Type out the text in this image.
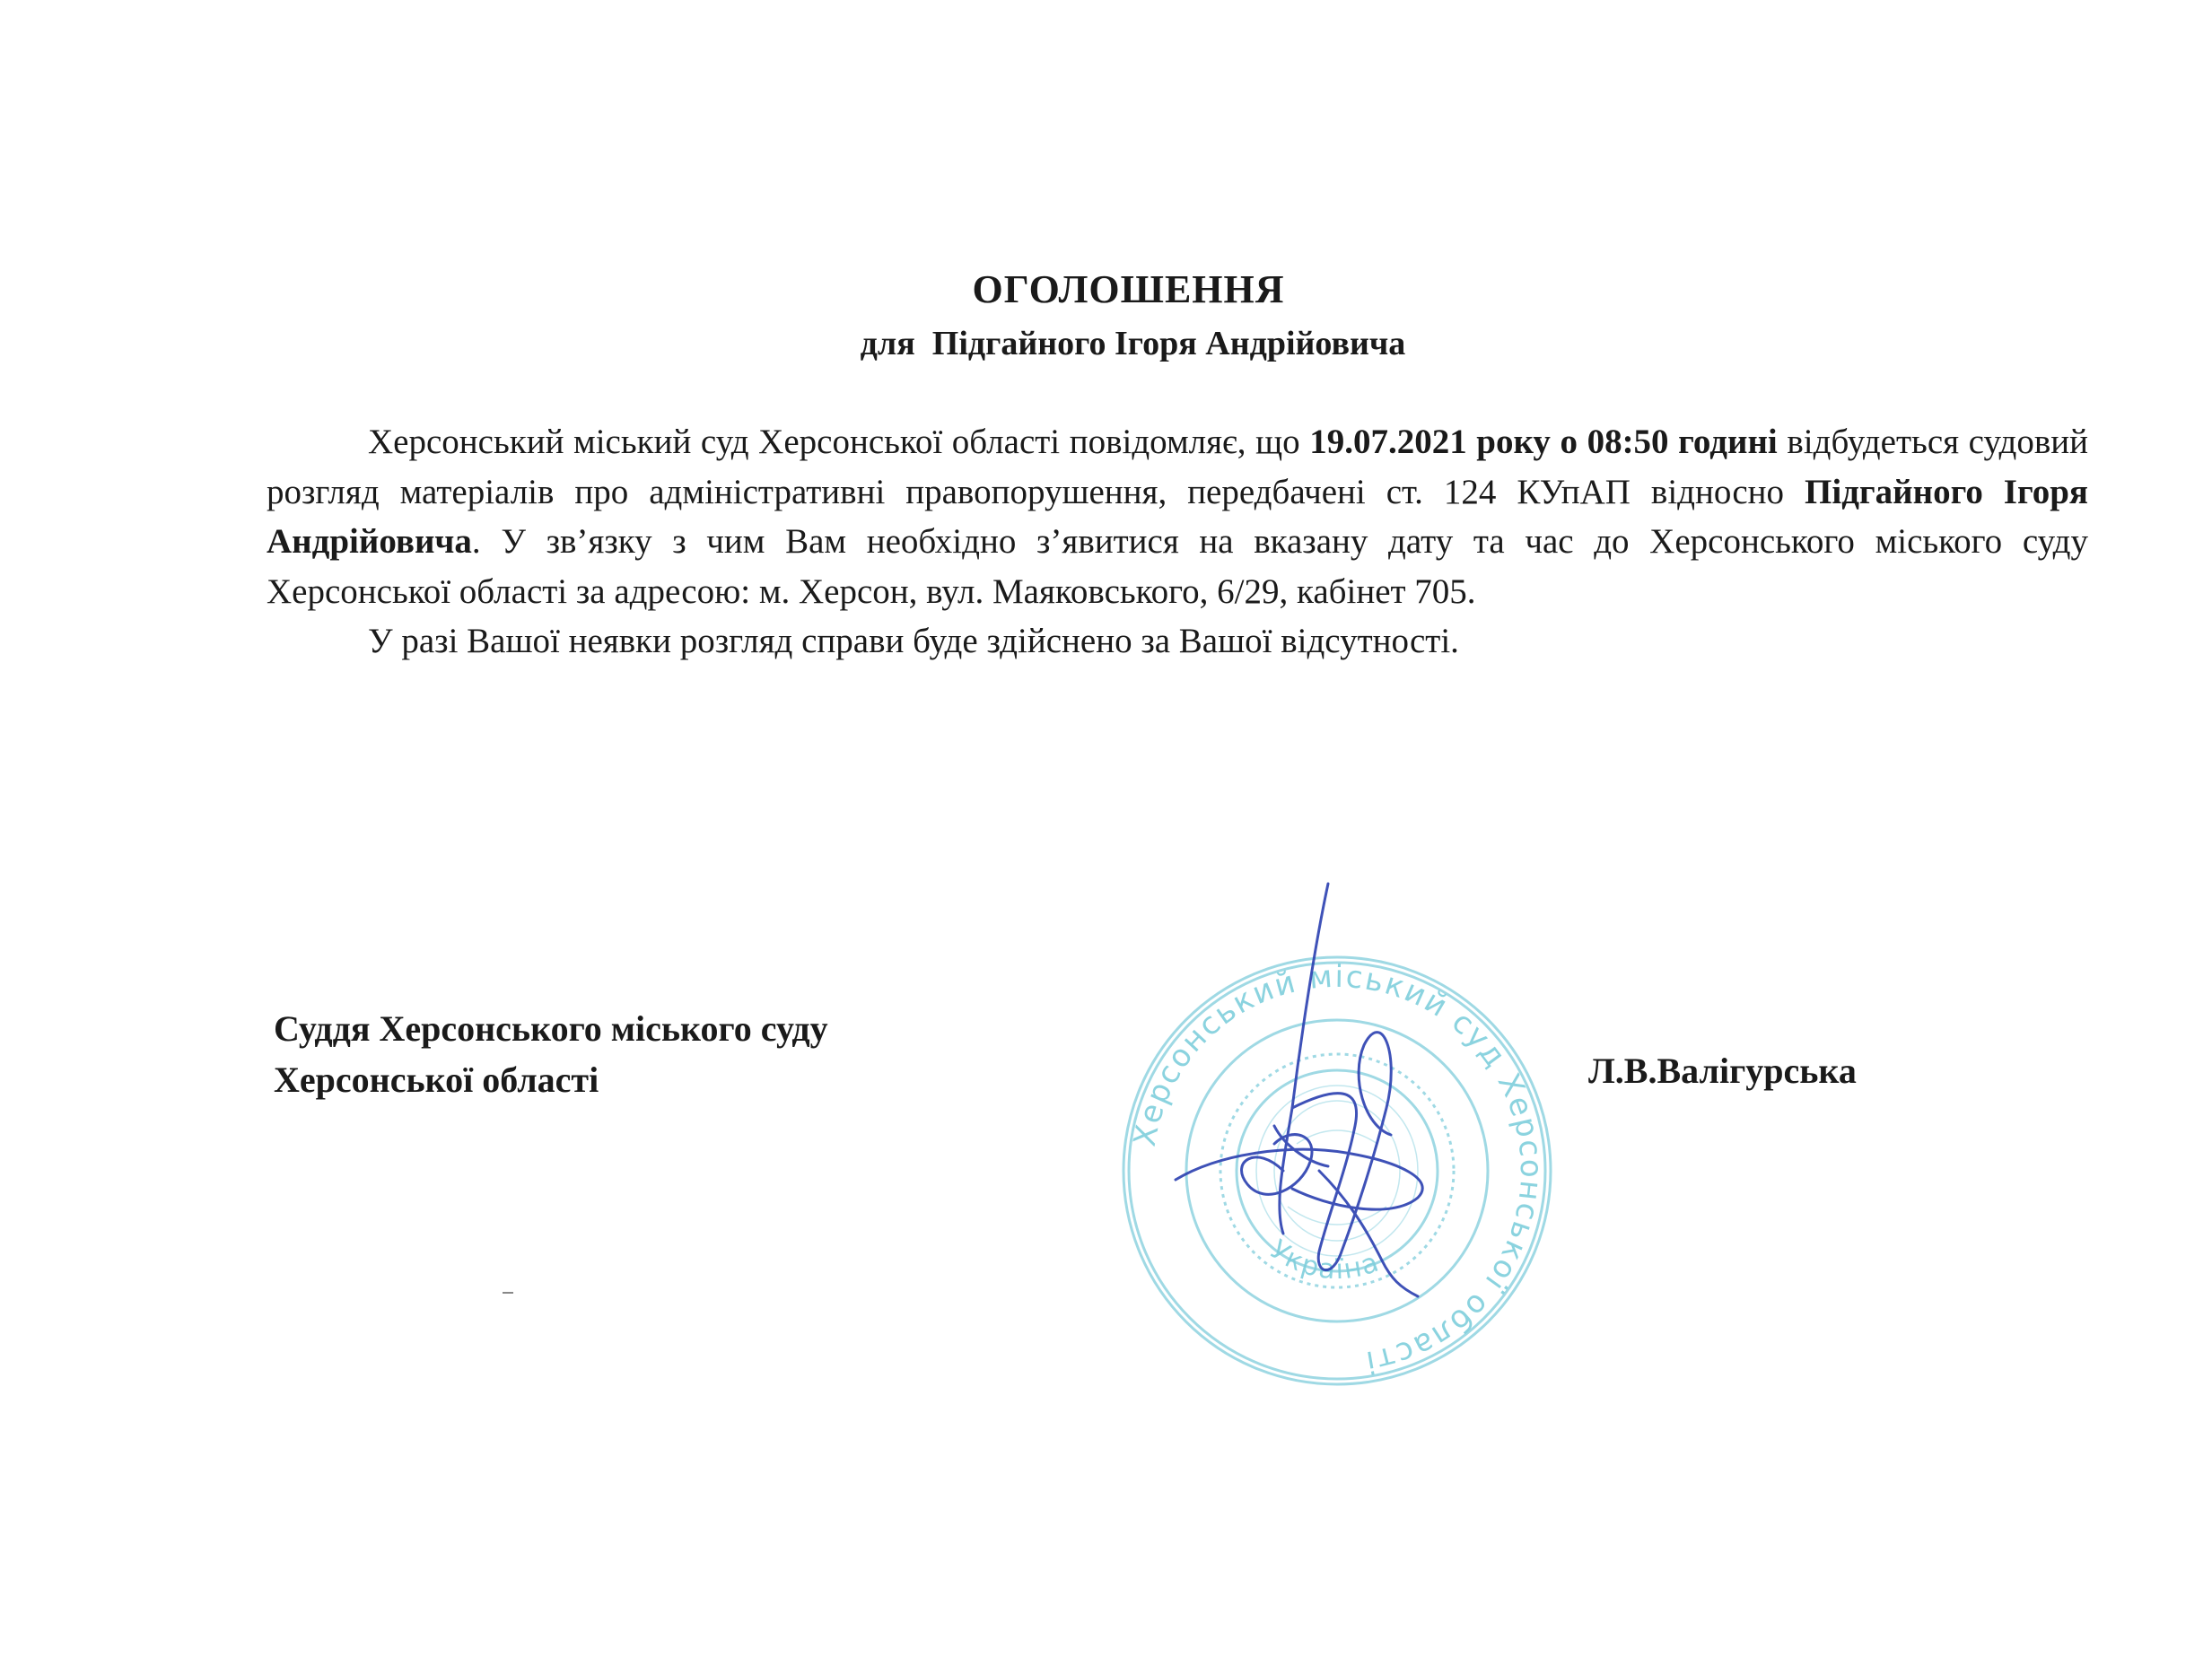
ОГОЛОШЕННЯ
для  Підгайного Ігоря Андрійовича

Херсонський міський суд Херсонської області повідомляє, що 19.07.2021 року о 08:50 годині відбудеться судовий розгляд матеріалів про адміністративні правопорушення, передбачені ст. 124 КУпАП відносно Підгайного Ігоря Андрійовича. У зв’язку з чим Вам необхідно з’явитися на вказану дату та час до Херсонського міського суду Херсонської області за адресою: м. Херсон, вул. Маяковського, 6/29, кабінет 705.

У разі Вашої неявки розгляд справи буде здійснено за Вашої відсутності.

Суддя Херсонського міського суду
Херсонської області
Херсонський міський суд Херсонської області
Україна
Л.В.Валігурська
